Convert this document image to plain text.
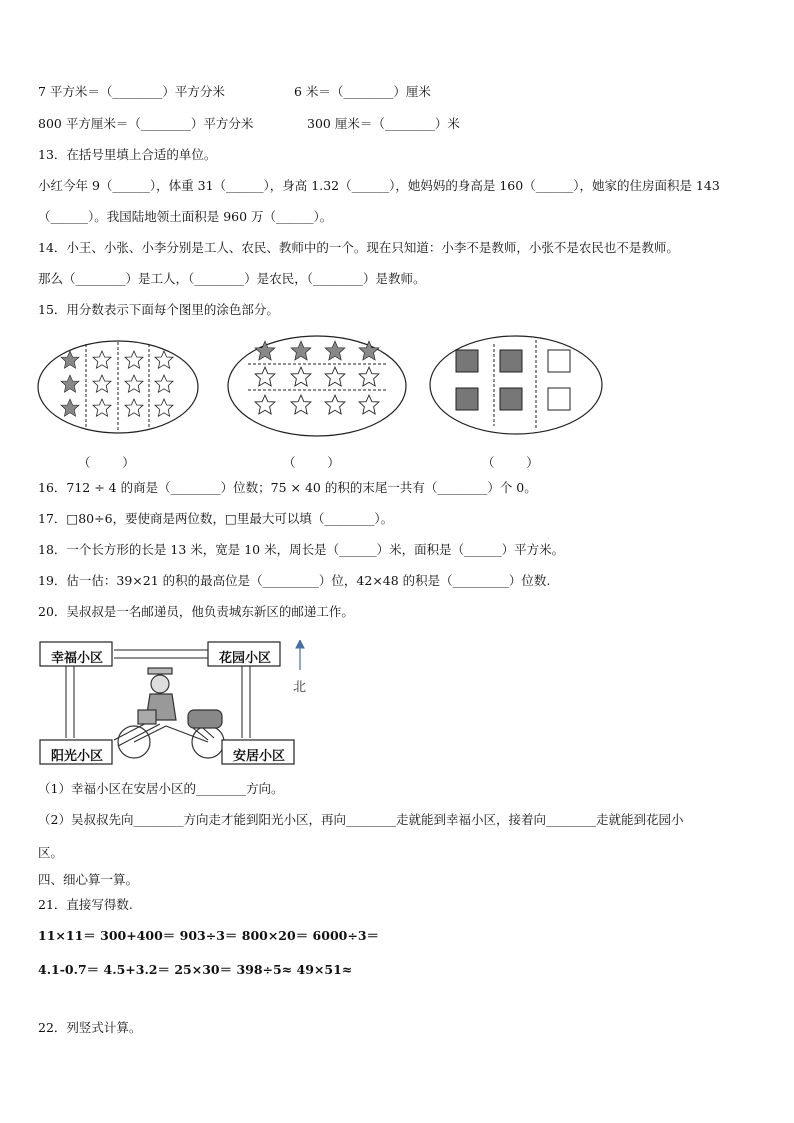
7 平方米＝（________）平方分米	6 米＝（________）厘米
800 平方厘米＝（________）平方分米	300 厘米＝（________）米
13．在括号里填上合适的单位。
小红今年 9（______），体重 31（______），身高 1.32（______），她妈妈的身高是 160（______），她家的住房面积是 143
（______）。我国陆地领土面积是 960 万（______）。
14．小王、小张、小李分别是工人、农民、教师中的一个。现在只知道：小李不是教师，小张不是农民也不是教师。
那么（________）是工人，（________）是农民，（________）是教师。
15．用分数表示下面每个图里的涂色部分。
（        ）	（        ）	（        ）
16．712 ÷ 4 的商是（________）位数；75 × 40 的积的末尾一共有（________）个 0。
17．□80÷6，要使商是两位数，□里最大可以填（________）。
18．一个长方形的长是 13 米，宽是 10 米，周长是（______）米，面积是（______）平方米。
19．估一估：39×21 的积的最高位是（_________）位，42×48 的积是（_________）位数.
20．吴叔叔是一名邮递员，他负责城东新区的邮递工作。
幸福小区	花园小区
阳光小区	安居小区
北
（1）幸福小区在安居小区的________方向。
（2）吴叔叔先向________方向走才能到阳光小区，再向________走就能到幸福小区，接着向________走就能到花园小
区。
四、细心算一算。
21．直接写得数.
11×11＝ 300+400＝ 903÷3＝ 800×20＝ 6000÷3＝
4.1-0.7＝ 4.5+3.2＝ 25×30＝ 398÷5≈ 49×51≈
22．列竖式计算。
